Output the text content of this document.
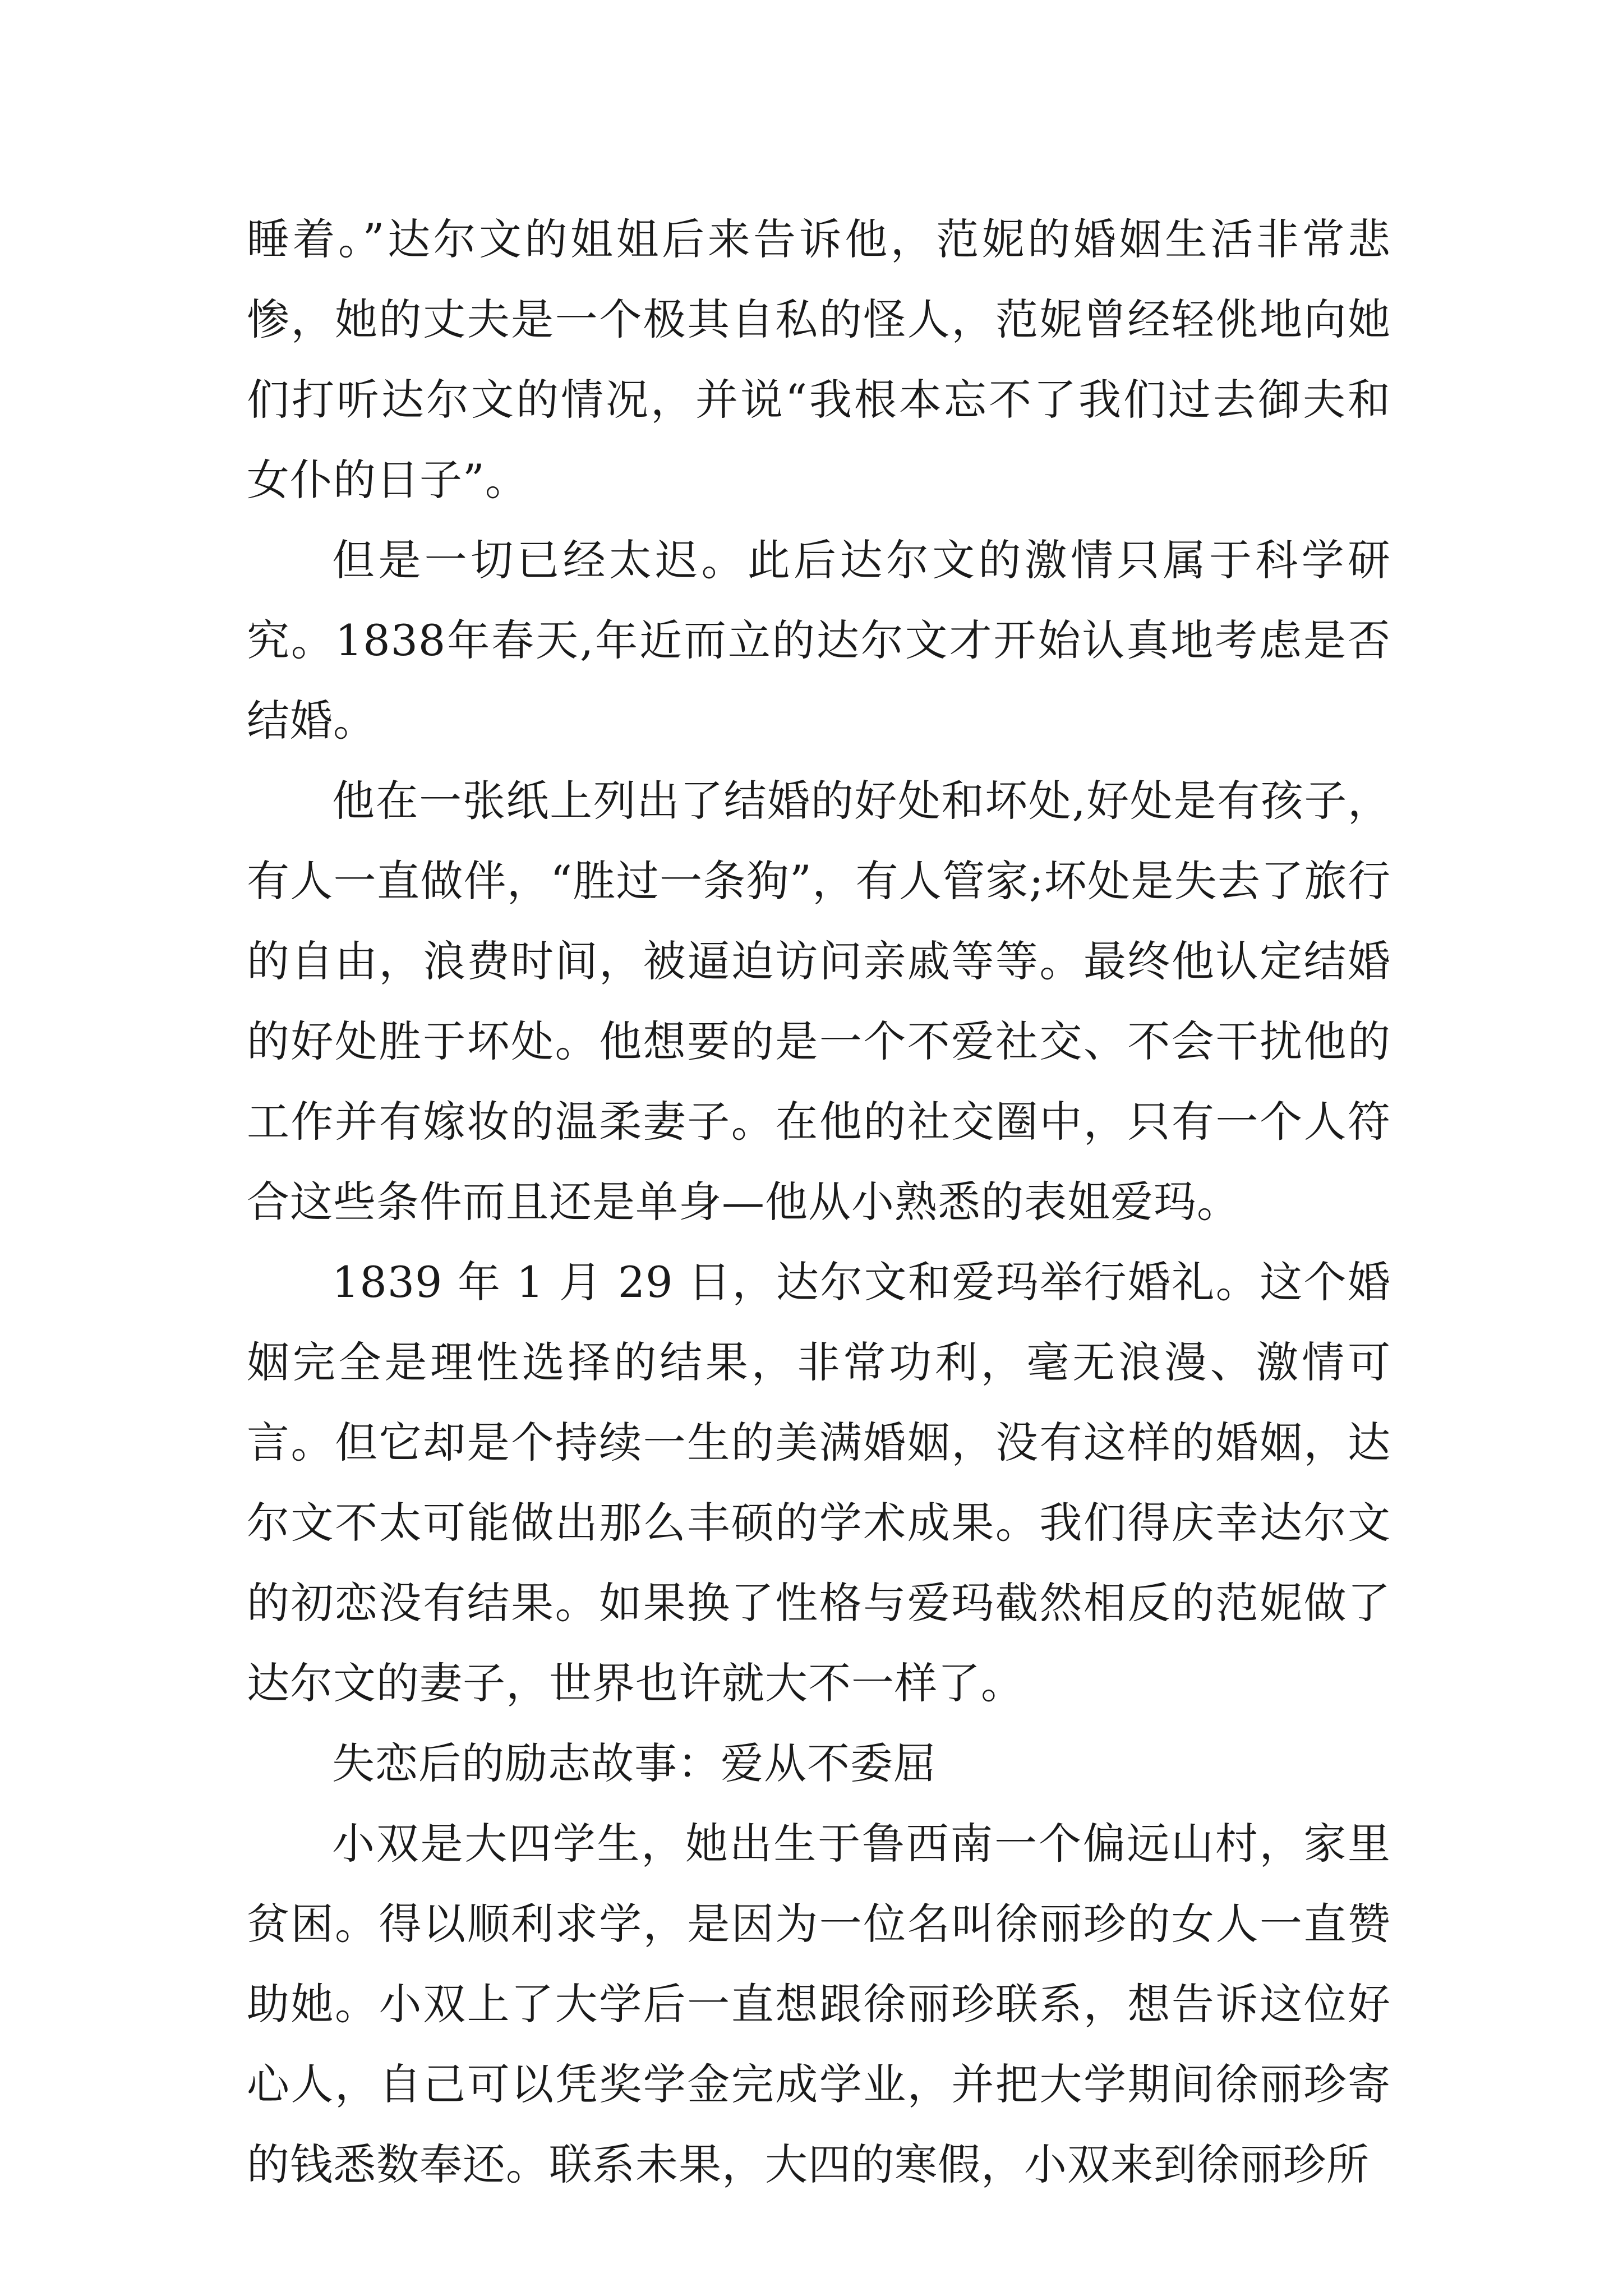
睡着。”达尔文的姐姐后来告诉他，范妮的婚姻生活非常悲惨，她的丈夫是一个极其自私的怪人，范妮曾经轻佻地向她们打听达尔文的情况，并说“我根本忘不了我们过去御夫和女仆的日子”。

但是一切已经太迟。此后达尔文的激情只属于科学研究。1838年春天,年近而立的达尔文才开始认真地考虑是否结婚。

他在一张纸上列出了结婚的好处和坏处,好处是有孩子，有人一直做伴，“胜过一条狗”，有人管家;坏处是失去了旅行的自由，浪费时间，被逼迫访问亲戚等等。最终他认定结婚的好处胜于坏处。他想要的是一个不爱社交、不会干扰他的工作并有嫁妆的温柔妻子。在他的社交圈中，只有一个人符合这些条件而且还是单身—他从小熟悉的表姐爱玛。

1839 年 1 月 29 日，达尔文和爱玛举行婚礼。这个婚姻完全是理性选择的结果，非常功利，毫无浪漫、激情可言。但它却是个持续一生的美满婚姻，没有这样的婚姻，达尔文不太可能做出那么丰硕的学术成果。我们得庆幸达尔文的初恋没有结果。如果换了性格与爱玛截然相反的范妮做了达尔文的妻子，世界也许就大不一样了。

失恋后的励志故事：爱从不委屈

小双是大四学生，她出生于鲁西南一个偏远山村，家里贫困。得以顺利求学，是因为一位名叫徐丽珍的女人一直赞助她。小双上了大学后一直想跟徐丽珍联系，想告诉这位好心人，自己可以凭奖学金完成学业，并把大学期间徐丽珍寄的钱悉数奉还。联系未果，大四的寒假，小双来到徐丽珍所
